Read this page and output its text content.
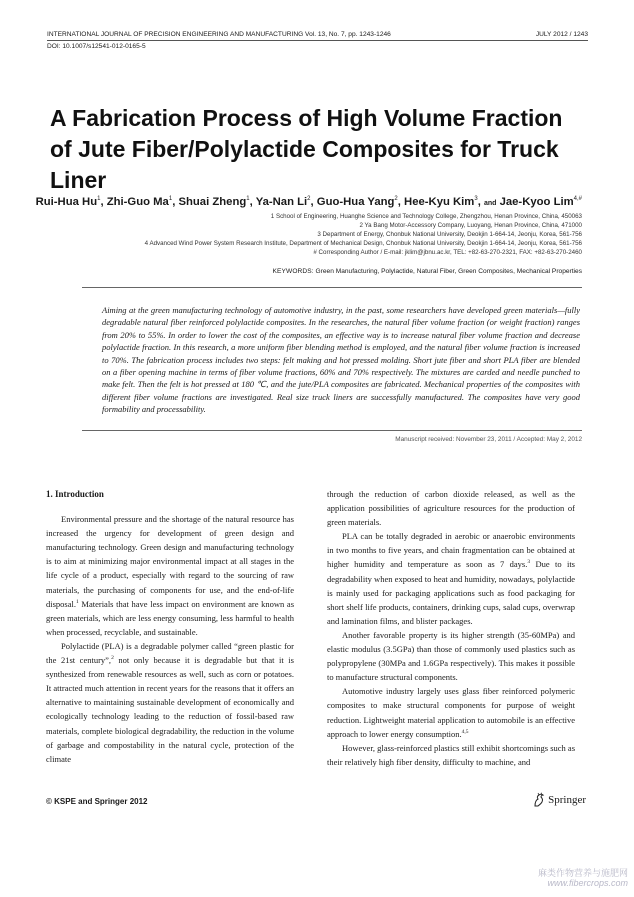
INTERNATIONAL JOURNAL OF PRECISION ENGINEERING AND MANUFACTURING Vol. 13, No. 7, pp. 1243-1246	JULY 2012 / 1243
DOI: 10.1007/s12541-012-0165-5
A Fabrication Process of High Volume Fraction of Jute Fiber/Polylactide Composites for Truck Liner
Rui-Hua Hu$^1$, Zhi-Guo Ma$^1$, Shuai Zheng$^1$, Ya-Nan Li$^2$, Guo-Hua Yang$^2$, Hee-Kyu Kim$^3$, and Jae-Kyoo Lim$^{4,\#}$
1 School of Engineering, Huanghe Science and Technology College, Zhengzhou, Henan Province, China, 450063
2 Ya Bang Motor-Accessory Company, Luoyang, Henan Province, China, 471000
3 Department of Energy, Chonbuk National University, Deokjin 1-664-14, Jeonju, Korea, 561-756
4 Advanced Wind Power System Research Institute, Department of Mechanical Design, Chonbuk National University, Deokjin 1-664-14, Jeonju, Korea, 561-756
# Corresponding Author / E-mail: jklim@jbnu.ac.kr, TEL: +82-63-270-2321, FAX: +82-63-270-2460
KEYWORDS: Green Manufacturing, Polylactide, Natural Fiber, Green Composites, Mechanical Properties
Aiming at the green manufacturing technology of automotive industry, in the past, some researchers have developed green materials—fully degradable natural fiber reinforced polylactide composites. In the researches, the natural fiber volume fraction (or weight fraction) ranges from 20% to 55%. In order to lower the cost of the composites, an effective way is to increase natural fiber volume fraction and decrease polylactide fraction. In this research, a more uniform fiber blending method is employed, and the natural fiber volume fraction is increased to 70%. The fabrication process includes two steps: felt making and hot pressed molding. Short jute fiber and short PLA fiber are blended on a fiber opening machine in terms of fiber volume fractions, 60% and 70% respectively. The mixtures are carded and needle punched to make felt. Then the felt is hot pressed at 180 ℃, and the jute/PLA composites are fabricated. Mechanical properties of the composites with different fiber volume fractions are investigated. Real size truck liners are successfully manufactured. The composites have very good formability and processability.
Manuscript received: November 23, 2011 / Accepted: May 2, 2012
1. Introduction

Environmental pressure and the shortage of the natural resource has increased the urgency for development of green design and manufacturing technology. Green design and manufacturing technology is to aim at minimizing major environmental impact at all stages in the life cycle of a product, especially with regard to the sourcing of raw materials, the purchasing of components for use, and the end-of-life disposal.$^1$ Materials that have less impact on environment are known as green materials, which are less energy consuming, less harmful to health when processed, recyclable, and sustainable.

Polylactide (PLA) is a degradable polymer called “green plastic for the 21st century”,$^2$ not only because it is degradable but that it is synthesized from renewable resources as well, such as corn or potatoes. It attracted much attention in recent years for the reasons that it offers an alternative to maintaining sustainable development of economically and ecologically technology leading to the reduction of fossil-based raw materials, complete biological degradability, the reduction in the volume of garbage and compostability in the natural cycle, protection of the climate

through the reduction of carbon dioxide released, as well as the application possibilities of agriculture resources for the production of green materials.

PLA can be totally degraded in aerobic or anaerobic environments in two months to five years, and chain fragmentation can be obtained at higher humidity and temperature as soon as 7 days.$^3$ Due to its degradability when exposed to heat and humidity, nowadays, polylactide is mainly used for packaging applications such as food packaging for short shelf life products, containers, drinking cups, salad cups, overwrap and lamination films, and blister packages.

Another favorable property is its higher strength (35-60MPa) and elastic modulus (3.5GPa) than those of commonly used plastics such as polypropylene (30MPa and 1.6GPa respectively). This makes it possible to manufacture structural components.

Automotive industry largely uses glass fiber reinforced polymeric composites to make structural components for purpose of weight reduction. Lightweight material application to automobile is an effective approach to lower energy consumption.$^{4,5}$

However, glass-reinforced plastics still exhibit shortcomings such as their relatively high fiber density, difficulty to machine, and

© KSPE and Springer 2012	Springer
麻类作物营养与施肥网
www.fibercrops.com
